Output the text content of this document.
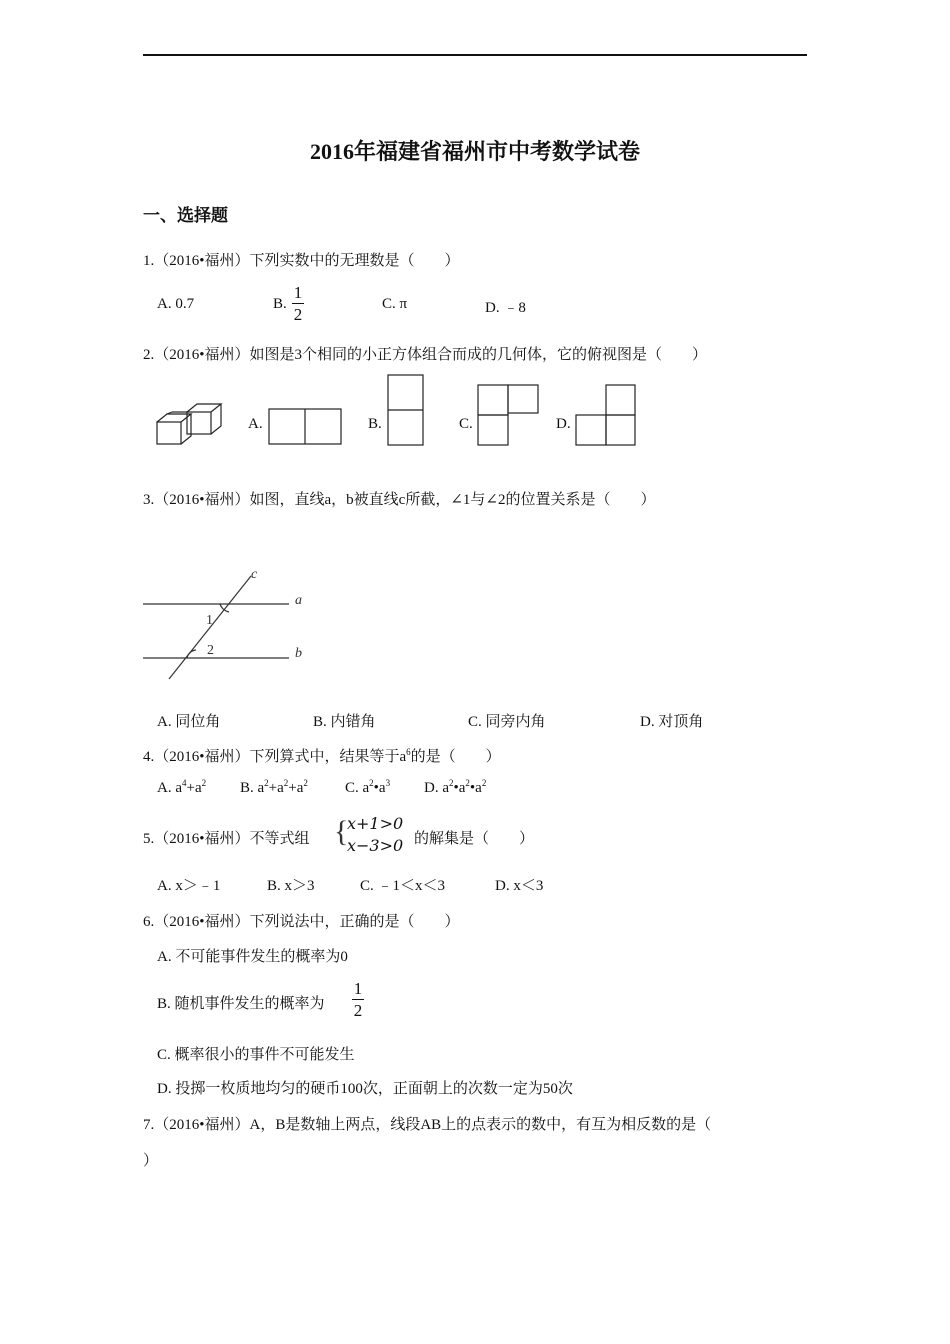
2016年福建省福州市中考数学试卷
一、选择题
1.（2016•福州）下列实数中的无理数是（　　）
A. 0.7	B.
1
2
C. π	D. ﹣8
2.（2016•福州）如图是3个相同的小正方体组合而成的几何体，它的俯视图是（　　）
A.	B.	C.	D.
3.（2016•福州）如图，直线a，b被直线c所截，∠1与∠2的位置关系是（　　）
c
a
b
1
2
A. 同位角	B. 内错角	C. 同旁内角	D. 对顶角
4.（2016•福州）下列算式中，结果等于$a^6$的是（　　）
A. $a^4+a^2$ B. $a^2+a^2+a^2$ C. $a^2•a^3$ D. $a^2•a^2•a^2$
5.（2016•福州）不等式组 {
x+1>0
x−3>0 的解集是（　　）
A. x＞﹣1	B. x＞3	C. ﹣1＜x＜3	D. x＜3
6.（2016•福州）下列说法中，正确的是（　　）
A. 不可能事件发生的概率为0
B. 随机事件发生的概率为
1
2
C. 概率很小的事件不可能发生
D. 投掷一枚质地均匀的硬币100次，正面朝上的次数一定为50次
7.（2016•福州）A，B是数轴上两点，线段AB上的点表示的数中，有互为相反数的是（
）
